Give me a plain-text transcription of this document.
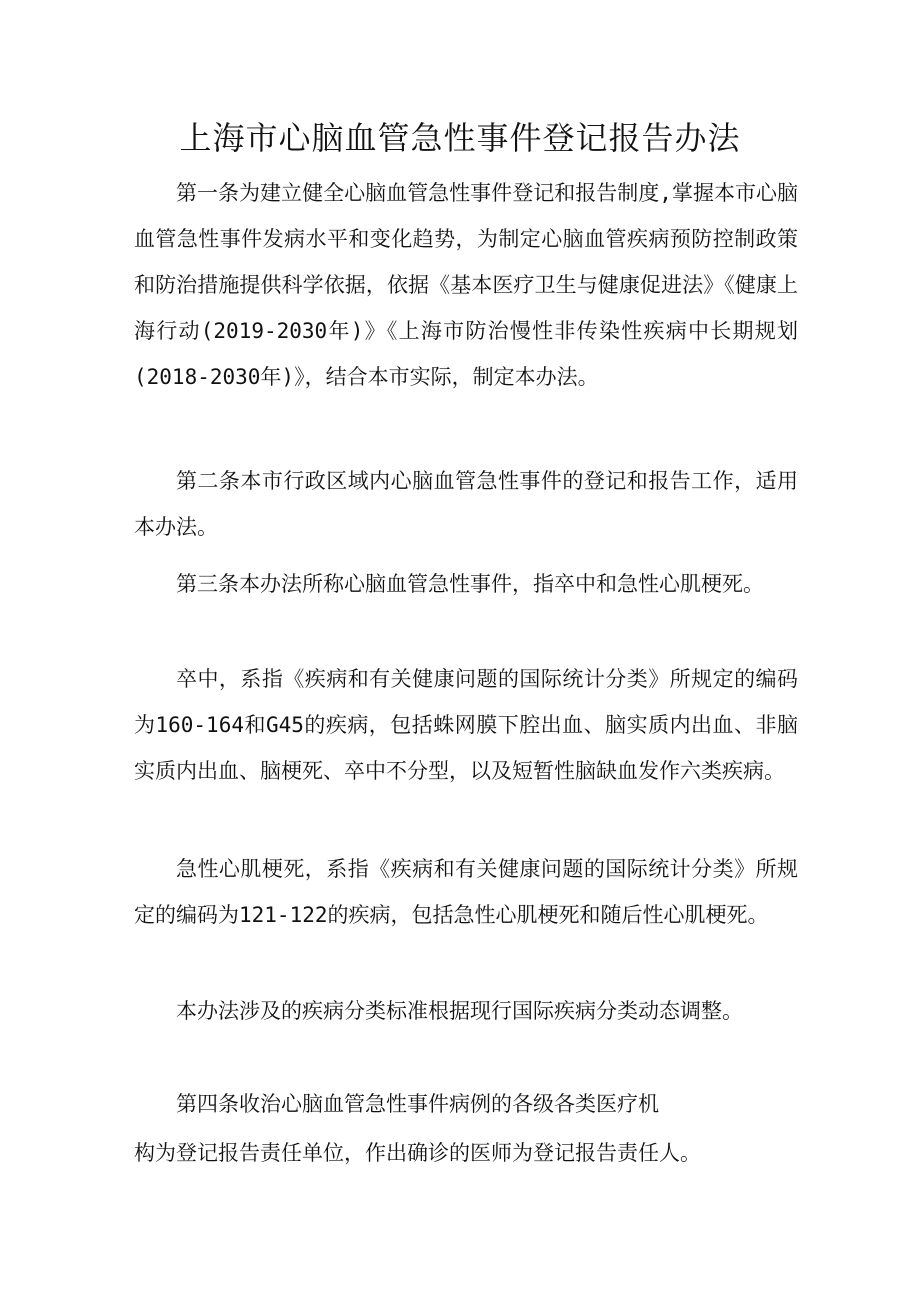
上海市心脑血管急性事件登记报告办法

第一条为建立健全心脑血管急性事件登记和报告制度,掌握本市心脑血管急性事件发病水平和变化趋势，为制定心脑血管疾病预防控制政策和防治措施提供科学依据，依据《基本医疗卫生与健康促进法》《健康上海行动(2019-2030年)》《上海市防治慢性非传染性疾病中长期规划(2018-2030年)》，结合本市实际，制定本办法。

第二条本市行政区域内心脑血管急性事件的登记和报告工作，适用本办法。

第三条本办法所称心脑血管急性事件，指卒中和急性心肌梗死。

卒中，系指《疾病和有关健康问题的国际统计分类》所规定的编码为160-164和G45的疾病，包括蛛网膜下腔出血、脑实质内出血、非脑实质内出血、脑梗死、卒中不分型，以及短暂性脑缺血发作六类疾病。

急性心肌梗死，系指《疾病和有关健康问题的国际统计分类》所规定的编码为121-122的疾病，包括急性心肌梗死和随后性心肌梗死。

本办法涉及的疾病分类标准根据现行国际疾病分类动态调整。

第四条收治心脑血管急性事件病例的各级各类医疗机

构为登记报告责任单位，作出确诊的医师为登记报告责任人。
